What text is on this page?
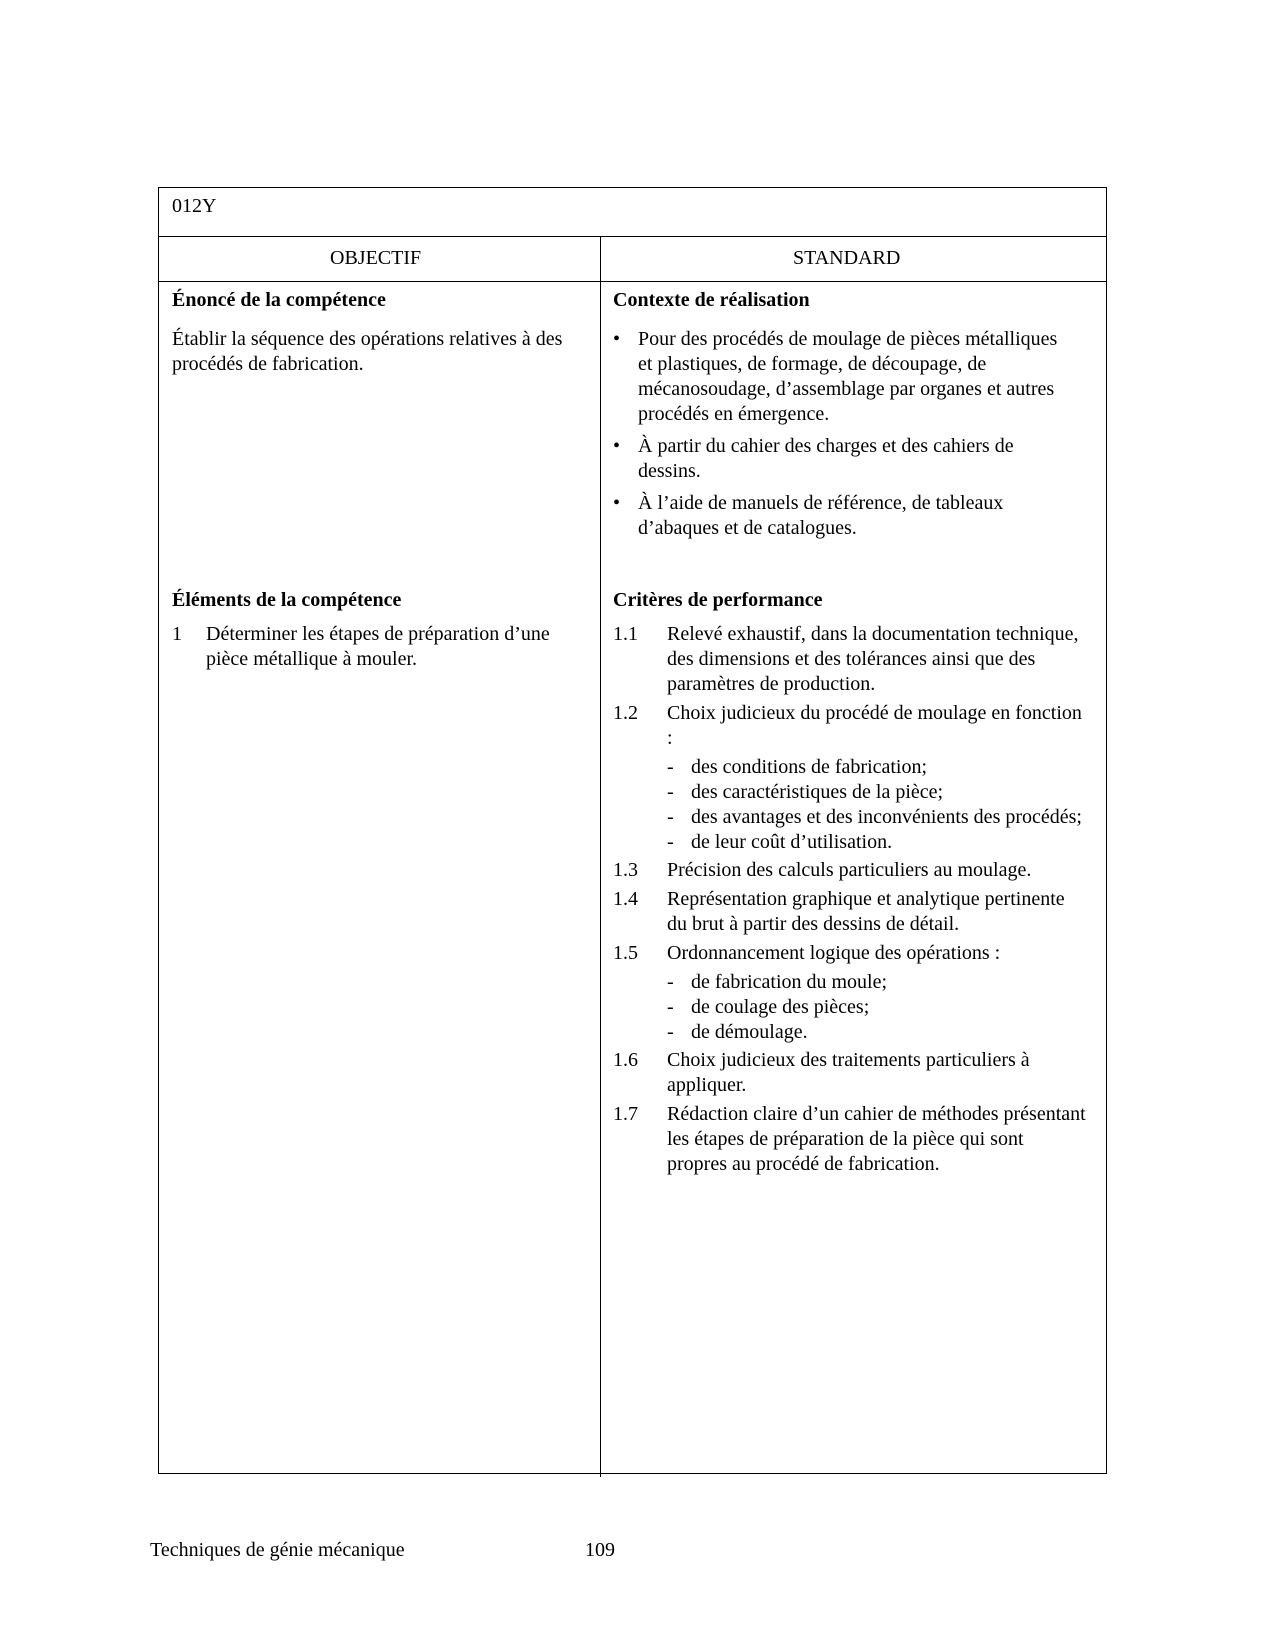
012Y
OBJECTIF	STANDARD
Énoncé de la compétence
Établir la séquence des opérations relatives à des procédés de fabrication.
Éléments de la compétence
1 Déterminer les étapes de préparation d’une pièce métallique à mouler.
Contexte de réalisation
• Pour des procédés de moulage de pièces métalliques et plastiques, de formage, de découpage, de mécanosoudage, d’assemblage par organes et autres procédés en émergence.
• À partir du cahier des charges et des cahiers de dessins.
• À l’aide de manuels de référence, de tableaux d’abaques et de catalogues.
Critères de performance
1.1 Relevé exhaustif, dans la documentation technique, des dimensions et des tolérances ainsi que des paramètres de production.
1.2 Choix judicieux du procédé de moulage en fonction :
- des conditions de fabrication;
- des caractéristiques de la pièce;
- des avantages et des inconvénients des procédés;
- de leur coût d’utilisation.
1.3 Précision des calculs particuliers au moulage.
1.4 Représentation graphique et analytique pertinente du brut à partir des dessins de détail.
1.5 Ordonnancement logique des opérations :
- de fabrication du moule;
- de coulage des pièces;
- de démoulage.
1.6 Choix judicieux des traitements particuliers à appliquer.
1.7 Rédaction claire d’un cahier de méthodes présentant les étapes de préparation de la pièce qui sont propres au procédé de fabrication.
Techniques de génie mécanique	109
